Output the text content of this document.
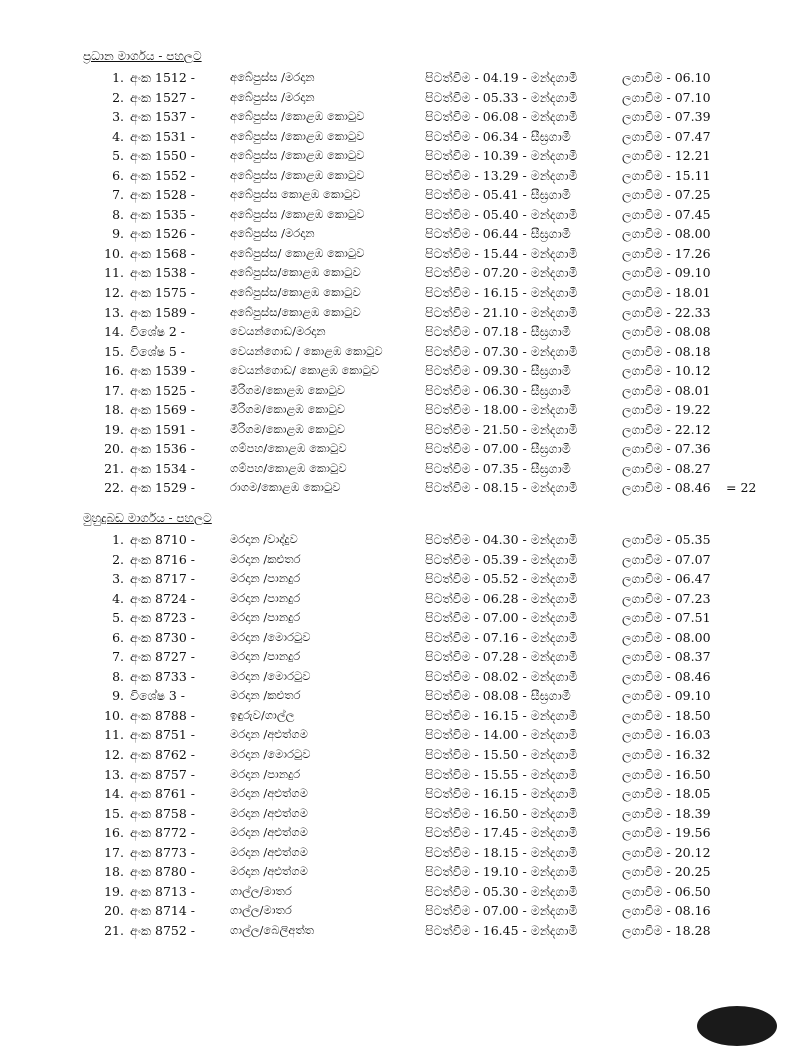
ප්‍රධාන මාර්ගය - පහලට
1. අංක 1512 -	අබේපුස්ස /මරදාන	පිටත්වීම - 04.19 - මන්දගාමී	ලගාවීම - 06.10
2. අංක 1527 -	අබේපුස්ස /මරදාන	පිටත්වීම - 05.33 - මන්දගාමී	ලගාවීම - 07.10
3. අංක 1537 -	අබේපුස්ස /කොළඹ කොටුව	පිටත්වීම - 06.08 - මන්දගාමී	ලගාවීම - 07.39
4. අංක 1531 -	අබේපුස්ස /කොළඹ කොටුව	පිටත්වීම - 06.34 - සීඝ්‍රගාමී	ලගාවීම - 07.47
5. අංක 1550 -	අබේපුස්ස /කොළඹ කොටුව	පිටත්වීම - 10.39 - මන්දගාමී	ලගාවීම - 12.21
6. අංක 1552 -	අබේපුස්ස /කොළඹ කොටුව	පිටත්වීම - 13.29 - මන්දගාමී	ලගාවීම - 15.11
7. අංක 1528 -	අබේපුස්ස කොළඹ කොටුව	පිටත්වීම - 05.41 - සීඝ්‍රගාමී	ලගාවීම - 07.25
8. අංක 1535 -	අබේපුස්ස /කොළඹ කොටුව	පිටත්වීම - 05.40 - මන්දගාමී	ලගාවීම - 07.45
9. අංක 1526 -	අබේපුස්ස /මරදාන	පිටත්වීම - 06.44 - සීඝ්‍රගාමී	ලගාවීම - 08.00
10. අංක 1568 -	අබේපුස්ස/ කොළඹ කොටුව	පිටත්වීම - 15.44 - මන්දගාමී	ලගාවීම - 17.26
11. අංක 1538 -	අබේපුස්ස/කොළඹ කොටුව	පිටත්වීම - 07.20 - මන්දගාමී	ලගාවීම - 09.10
12. අංක 1575 -	අබේපුස්ස/කොළඹ කොටුව	පිටත්වීම - 16.15 - මන්දගාමී	ලගාවීම - 18.01
13. අංක 1589 -	අබේපුස්ස/කොළඹ කොටුව	පිටත්වීම - 21.10 - මන්දගාමී	ලගාවීම - 22.33
14. විශේෂ 2 -	වෙයන්ගොඩ/මරදාන	පිටත්වීම - 07.18 - සීඝ්‍රගාමී	ලගාවීම - 08.08
15. විශේෂ 5 -	වෙයන්ගොඩ / කොළඹ කොටුව	පිටත්වීම - 07.30 - මන්දගාමී	ලගාවීම - 08.18
16. අංක 1539 -	වෙයන්ගොඩ/ කොළඹ කොටුව	පිටත්වීම - 09.30 - සීඝ්‍රගාමී	ලගාවීම - 10.12
17. අංක 1525 -	මීරිගම/කොළඹ කොටුව	පිටත්වීම - 06.30 - සීඝ්‍රගාමී	ලගාවීම - 08.01
18. අංක 1569 -	මීරිගම/කොළඹ කොටුව	පිටත්වීම - 18.00 - මන්දගාමී	ලගාවීම - 19.22
19. අංක 1591 -	මීරිගම/කොළඹ කොටුව	පිටත්වීම - 21.50 - මන්දගාමී	ලගාවීම - 22.12
20. අංක 1536 -	ගම්පහ/කොළඹ කොටුව	පිටත්වීම - 07.00 - සීඝ්‍රගාමී	ලගාවීම - 07.36
21. අංක 1534 -	ගම්පහ/කොළඹ කොටුව	පිටත්වීම - 07.35 - සීඝ්‍රගාමී	ලගාවීම - 08.27
22. අංක 1529 -	රාගම/කොළඹ කොටුව	පිටත්වීම - 08.15 - මන්දගාමී	ලගාවීම - 08.46 = 22
මුහුදුබඩ මාර්ගය - පහලට
1. අංක 8710 -	මරදාන /වාද්දුව	පිටත්වීම - 04.30 - මන්දගාමී	ලගාවීම - 05.35
2. අංක 8716 -	මරදාන /කළුතර	පිටත්වීම - 05.39 - මන්දගාමී	ලගාවීම - 07.07
3. අංක 8717 -	මරදාන /පානදුර	පිටත්වීම - 05.52 - මන්දගාමී	ලගාවීම - 06.47
4. අංක 8724 -	මරදාන /පානදුර	පිටත්වීම - 06.28 - මන්දගාමී	ලගාවීම - 07.23
5. අංක 8723 -	මරදාන /පානදුර	පිටත්වීම - 07.00 - මන්දගාමී	ලගාවීම - 07.51
6. අංක 8730 -	මරදාන /මොරටුව	පිටත්වීම - 07.16 - මන්දගාමී	ලගාවීම - 08.00
7. අංක 8727 -	මරදාන /පානදුර	පිටත්වීම - 07.28 - මන්දගාමී	ලගාවීම - 08.37
8. අංක 8733 -	මරදාන /මොරටුව	පිටත්වීම - 08.02 - මන්දගාමී	ලගාවීම - 08.46
9. විශේෂ 3 -	මරදාන /කළුතර	පිටත්වීම - 08.08 - සීඝ්‍රගාමී	ලගාවීම - 09.10
10. අංක 8788 -	ඉඳුරුව/ගාල්ල	පිටත්වීම - 16.15 - මන්දගාමී	ලගාවීම - 18.50
11. අංක 8751 -	මරදාන /අළුත්ගම	පිටත්වීම - 14.00 - මන්දගාමී	ලගාවීම - 16.03
12. අංක 8762 -	මරදාන /මොරටුව	පිටත්වීම - 15.50 - මන්දගාමී	ලගාවීම - 16.32
13. අංක 8757 -	මරදාන /පානදුර	පිටත්වීම - 15.55 - මන්දගාමී	ලගාවීම - 16.50
14. අංක 8761 -	මරදාන /අළුත්ගම	පිටත්වීම - 16.15 - මන්දගාමී	ලගාවීම - 18.05
15. අංක 8758 -	මරදාන /අළුත්ගම	පිටත්වීම - 16.50 - මන්දගාමී	ලගාවීම - 18.39
16. අංක 8772 -	මරදාන /අළුත්ගම	පිටත්වීම - 17.45 - මන්දගාමී	ලගාවීම - 19.56
17. අංක 8773 -	මරදාන /අළුත්ගම	පිටත්වීම - 18.15 - මන්දගාමී	ලගාවීම - 20.12
18. අංක 8780 -	මරදාන /අළුත්ගම	පිටත්වීම - 19.10 - මන්දගාමී	ලගාවීම - 20.25
19. අංක 8713 -	ගාල්ල/මාතර	පිටත්වීම - 05.30 - මන්දගාමී	ලගාවීම - 06.50
20. අංක 8714 -	ගාල්ල/මාතර	පිටත්වීම - 07.00 - මන්දගාමී	ලගාවීම - 08.16
21. අංක 8752 -	ගාල්ල/බෙලිඅත්ත	පිටත්වීම - 16.45 - මන්දගාමී	ලගාවීම - 18.28
